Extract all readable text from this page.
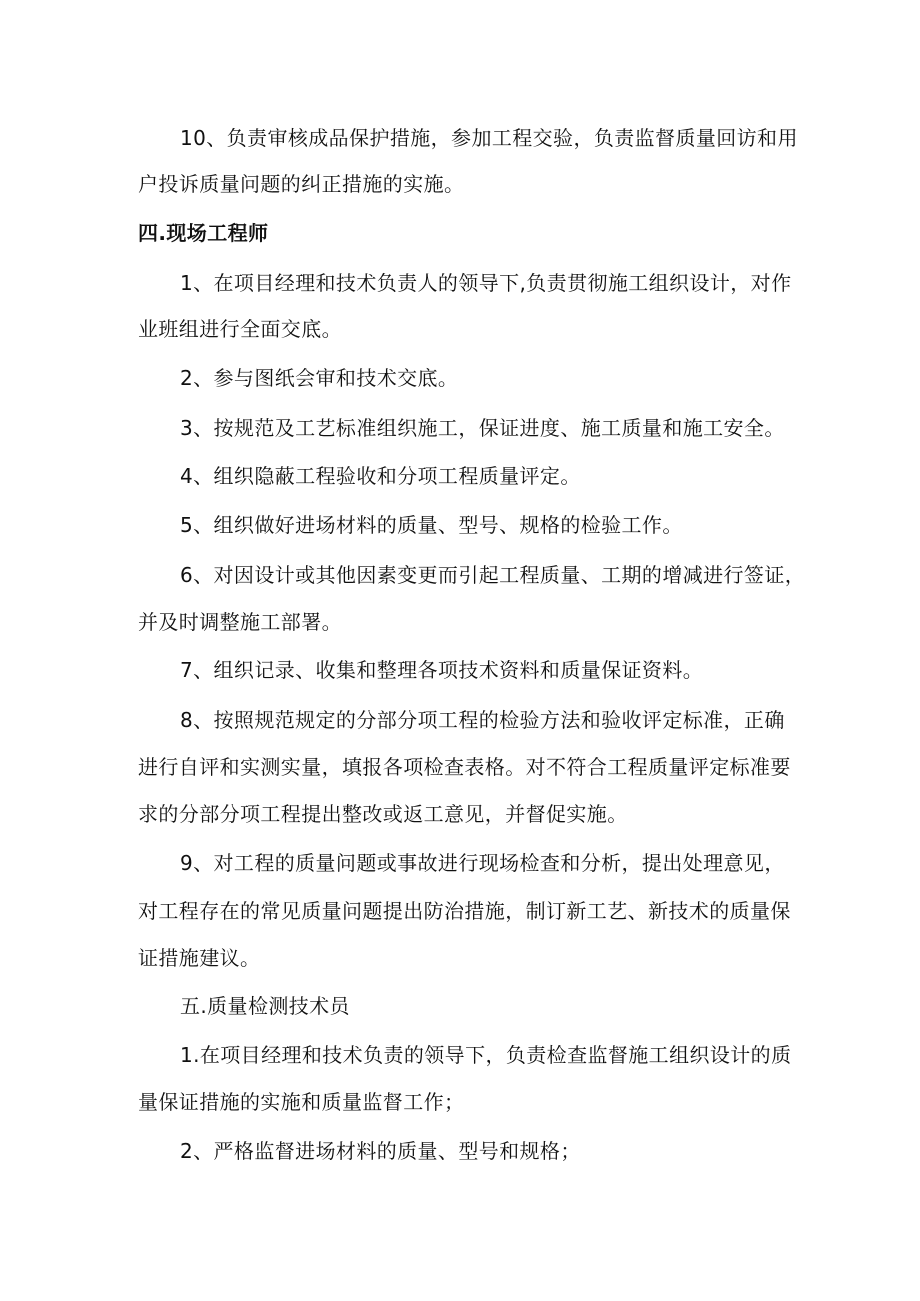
10、负责审核成品保护措施，参加工程交验，负责监督质量回访和用
户投诉质量问题的纠正措施的实施。
四.现场工程师
1、在项目经理和技术负责人的领导下,负责贯彻施工组织设计，对作
业班组进行全面交底。
2、参与图纸会审和技术交底。
3、按规范及工艺标准组织施工，保证进度、施工质量和施工安全。
4、组织隐蔽工程验收和分项工程质量评定。
5、组织做好进场材料的质量、型号、规格的检验工作。
6、对因设计或其他因素变更而引起工程质量、工期的增减进行签证，
并及时调整施工部署。
7、组织记录、收集和整理各项技术资料和质量保证资料。
8、按照规范规定的分部分项工程的检验方法和验收评定标准，正确
进行自评和实测实量，填报各项检查表格。对不符合工程质量评定标准要
求的分部分项工程提出整改或返工意见，并督促实施。
9、对工程的质量问题或事故进行现场检查和分析，提出处理意见，
对工程存在的常见质量问题提出防治措施，制订新工艺、新技术的质量保
证措施建议。
五.质量检测技术员
1.在项目经理和技术负责的领导下，负责检查监督施工组织设计的质
量保证措施的实施和质量监督工作；
2、严格监督进场材料的质量、型号和规格；
